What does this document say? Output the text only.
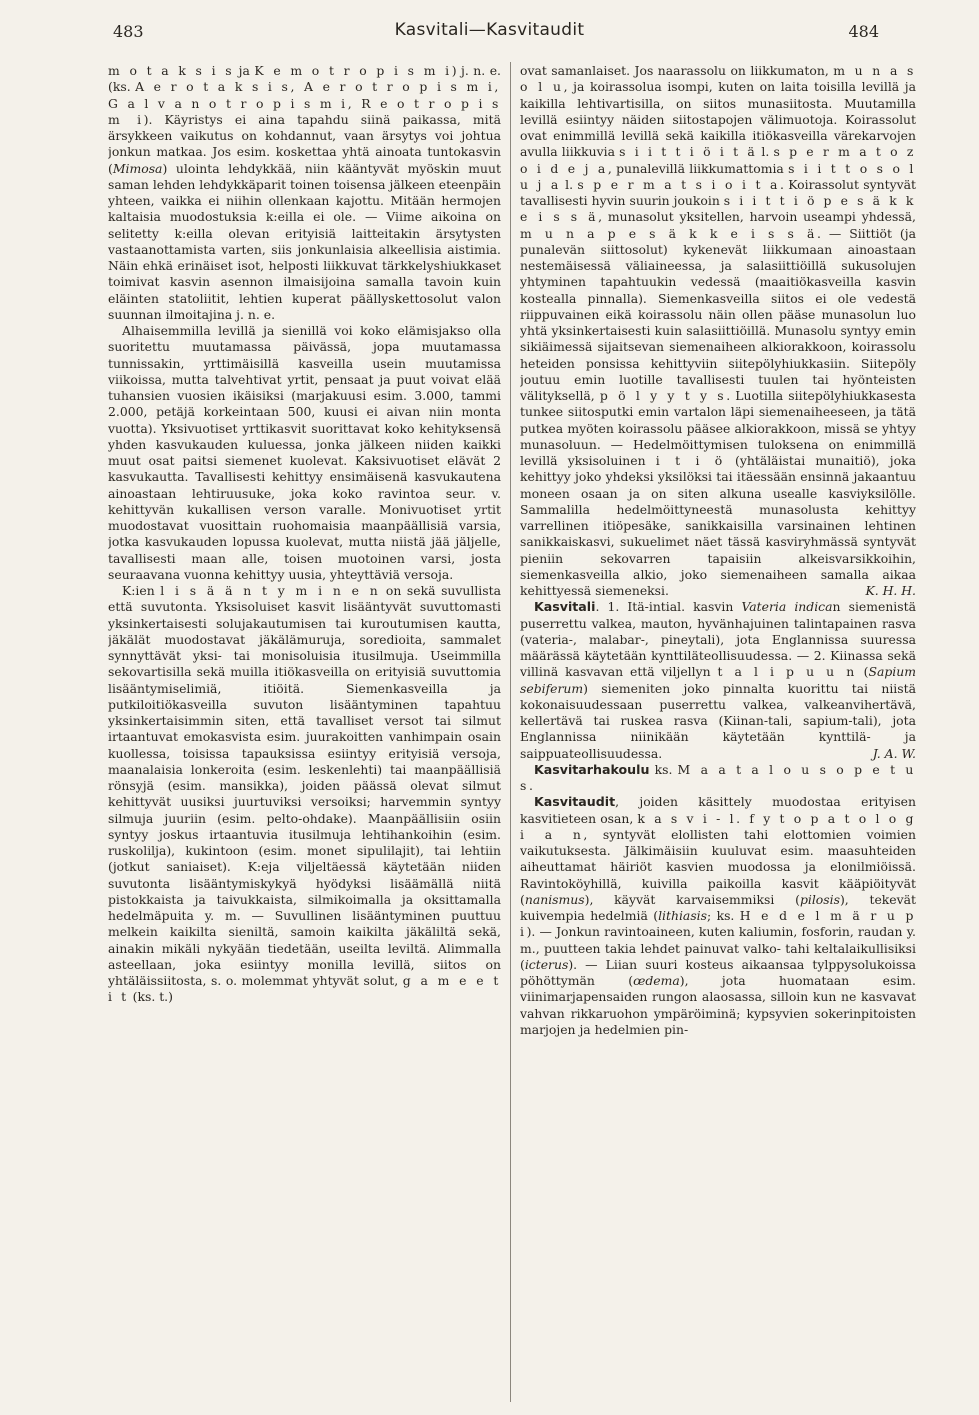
483	Kasvitali—Kasvitaudit	484

m o t a k s i s ja K e m o t r o p i s m i) j. n. e. (ks. A e r o t a k s i s, A e r o t r o p i s m i, G a l v a n o t r o p i s m i, R e o t r o p i s m i). Käyristys ei aina tapahdu siinä paikassa, mitä ärsykkeen vaikutus on kohdannut, vaan ärsytys voi johtua jonkun matkaa. Jos esim. koskettaa yhtä ainoata tuntokasvin (Mimosa) ulointa lehdykkää, niin kääntyvät myöskin muut saman lehden lehdykkäparit toinen toisensa jälkeen eteenpäin yhteen, vaikka ei niihin ollenkaan kajottu. Mitään hermojen kaltaisia muodostuksia k:eilla ei ole. — Viime aikoina on selitetty k:eilla olevan erityisiä laitteitakin ärsytysten vastaanottamista varten, siis jonkunlaisia alkeellisia aistimia. Näin ehkä erinäiset isot, helposti liikkuvat tärkkelyshiukkaset toimivat kasvin asennon ilmaisijoina samalla tavoin kuin eläinten statoliitit, lehtien kuperat päällyskettosolut valon suunnan ilmoitajina j. n. e.

Alhaisemmilla levillä ja sienillä voi koko elämisjakso olla suoritettu muutamassa päivässä, jopa muutamassa tunnissakin, yrttimäisillä kasveilla usein muutamissa viikoissa, mutta talvehtivat yrtit, pensaat ja puut voivat elää tuhansien vuosien ikäisiksi (marjakuusi esim. 3.000, tammi 2.000, petäjä korkeintaan 500, kuusi ei aivan niin monta vuotta). Yksivuotiset yrttikasvit suorittavat koko kehityksensä yhden kasvukauden kuluessa, jonka jälkeen niiden kaikki muut osat paitsi siemenet kuolevat. Kaksivuotiset elävät 2 kasvukautta. Tavallisesti kehittyy ensimäisenä kasvukautena ainoastaan lehtiruusuke, joka koko ravintoa seur. v. kehittyvän kukallisen verson varalle. Monivuotiset yrtit muodostavat vuosittain ruohomaisia maanpäällisiä varsia, jotka kasvukauden lopussa kuolevat, mutta niistä jää jäljelle, tavallisesti maan alle, toisen muotoinen varsi, josta seuraavana vuonna kehittyy uusia, yhteyttäviä versoja.

K:ien l i s ä ä n t y m i n e n on sekä suvullista että suvutonta. Yksisoluiset kasvit lisääntyvät suvuttomasti yksinkertaisesti solujakautumisen tai kuroutumisen kautta, jäkälät muodostavat jäkälämuruja, soredioita, sammalet synnyttävät yksi- tai monisoluisia itusilmuja. Useimmilla sekovartisilla sekä muilla itiökasveilla on erityisiä suvuttomia lisääntymiselimiä, itiöitä. Siemenkasveilla ja putkiloitiökasveilla suvuton lisääntyminen tapahtuu yksinkertaisimmin siten, että tavalliset versot tai silmut irtaantuvat emokasvista esim. juurakoitten vanhimpain osain kuollessa, toisissa tapauksissa esiintyy erityisiä versoja, maanalaisia lonkeroita (esim. leskenlehti) tai maanpäällisiä rönsyjä (esim. mansikka), joiden päässä olevat silmut kehittyvät uusiksi juurtuviksi versoiksi; harvemmin syntyy silmuja juuriin (esim. pelto-ohdake). Maanpäällisiin osiin syntyy joskus irtaantuvia itusilmuja lehtihankoihin (esim. ruskolilja), kukintoon (esim. monet sipulilajit), tai lehtiin (jotkut saniaiset). K:eja viljeltäessä käytetään niiden suvutonta lisääntymiskykyä hyödyksi lisäämällä niitä pistokkaista ja taivukkaista, silmikoimalla ja oksittamalla hedelmäpuita y. m. — Suvullinen lisääntyminen puuttuu melkein kaikilta sieniltä, samoin kaikilta jäkäliltä sekä, ainakin mikäli nykyään tiedetään, useilta leviltä. Alimmalla asteellaan, joka esiintyy monilla levillä, siitos on yhtäläissiitosta, s. o. molemmat yhtyvät solut, g a m e e t i t (ks. t.)

ovat samanlaiset. Jos naarassolu on liikkumaton, m u n a s o l u, ja koirassolua isompi, kuten on laita toisilla levillä ja kaikilla lehtivartisilla, on siitos munasiitosta. Muutamilla levillä esiintyy näiden siitostapojen välimuotoja. Koirassolut ovat enimmillä levillä sekä kaikilla itiökasveilla värekarvojen avulla liikkuvia s i i t t i ö i t ä l. s p e r m a t o z o i d e j a, punalevillä liikkumattomia s i i t t o s o l u j a l. s p e r m a t s i o i t a. Koirassolut syntyvät tavallisesti hyvin suurin joukoin s i i t t i ö p e s ä k k e i s s ä, munasolut yksitellen, harvoin useampi yhdessä, m u n a p e s ä k k e i s s ä. — Siittiöt (ja punalevän siittosolut) kykenevät liikkumaan ainoastaan nestemäisessä väliaineessa, ja salasiittiöillä sukusolujen yhtyminen tapahtuukin vedessä (maaitiökasveilla kasvin kostealla pinnalla). Siemenkasveilla siitos ei ole vedestä riippuvainen eikä koirassolu näin ollen pääse munasolun luo yhtä yksinkertaisesti kuin salasiittiöillä. Munasolu syntyy emin sikiäimessä sijaitsevan siemenaiheen alkiorakkoon, koirassolu heteiden ponsissa kehittyviin siitepölyhiukkasiin. Siitepöly joutuu emin luotille tavallisesti tuulen tai hyönteisten välityksellä, p ö l y y t y s. Luotilla siitepölyhiukkasesta tunkee siitosputki emin vartalon läpi siemenaiheeseen, ja tätä putkea myöten koirassolu pääsee alkiorakkoon, missä se yhtyy munasoluun. — Hedelmöittymisen tuloksena on enimmillä levillä yksisoluinen i t i ö (yhtäläistai munaitiö), joka kehittyy joko yhdeksi yksilöksi tai itäessään ensinnä jakaantuu moneen osaan ja on siten alkuna usealle kasviyksilölle. Sammalilla hedelmöittyneestä munasolusta kehittyy varrellinen itiöpesäke, sanikkaisilla varsinainen lehtinen sanikkaiskasvi, sukuelimet näet tässä kasviryhmässä syntyvät pieniin sekovarren tapaisiin alkeisvarsikkoihin, siemenkasveilla alkio, joko siemenaiheen samalla aikaa kehittyessä siemeneksi.	K. H. H.

Kasvitali. 1. Itä-intial. kasvin Vateria indican siemenistä puserrettu valkea, mauton, hyvänhajuinen talintapainen rasva (vateria-, malabar-, pineytali), jota Englannissa suuressa määrässä käytetään kynttiläteollisuudessa. — 2. Kiinassa sekä villinä kasvavan että viljellyn t a l i p u u n (Sapium sebiferum) siemeniten joko pinnalta kuorittu tai niistä kokonaisuudessaan puserrettu valkea, valkeanvihertävä, kellertävä tai ruskea rasva (Kiinan-tali, sapium-tali), jota Englannissa niinikään käytetään kynttilä- ja saippuateollisuudessa.	J. A. W.

Kasvitarhakoulu ks. M a a t a l o u s o p e t u s.

Kasvitaudit, joiden käsittely muodostaa erityisen kasvitieteen osan, k a s v i - l. f y t o p a t o l o g i a n, syntyvät elollisten tahi elottomien voimien vaikutuksesta. Jälkimäisiin kuuluvat esim. maasuhteiden aiheuttamat häiriöt kasvien muodossa ja elonilmiöissä. Ravintoköyhillä, kuivilla paikoilla kasvit kääpiöityvät (nanismus), käyvät karvaisemmiksi (pilosis), tekevät kuivempia hedelmiä (lithiasis; ks. H e d e l m ä r u p i). — Jonkun ravintoaineen, kuten kaliumin, fosforin, raudan y. m., puutteen takia lehdet painuvat valko- tahi keltalaikullisiksi (icterus). — Liian suuri kosteus aikaansaa tylppysolukoissa pöhöttymän (œdema), jota huomataan esim. viinimarjapensaiden rungon alaosassa, silloin kun ne kasvavat vahvan rikkaruohon ympäröiminä; kypsyvien sokerinpitoisten marjojen ja hedelmien pin-
